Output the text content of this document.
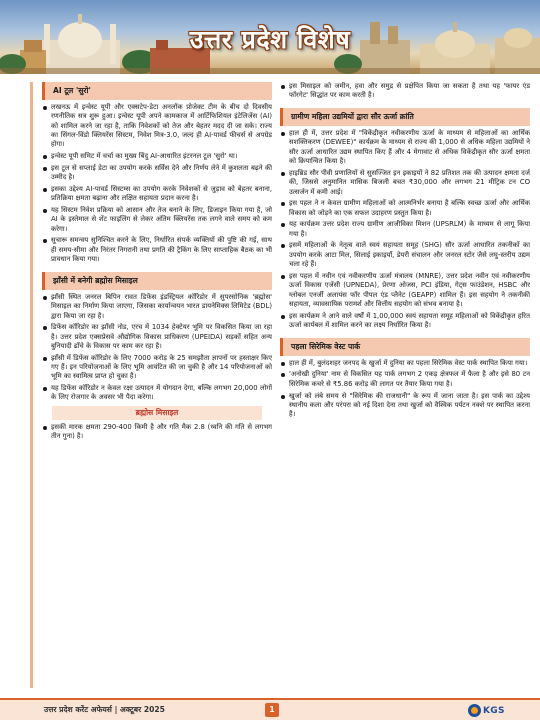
उत्तर प्रदेश विशेष
AI टूल 'सुरो'
लखनऊ में इन्वेस्ट यूपी और एक्सटेप-डेटा अनलॉक प्रोजेक्ट टीम के बीच दो दिवसीय रणनीतिक सत्र शुरू हुआ। इन्वेस्ट यूपी अपने कामकाज में आर्टिफिशियल इंटेलिजेंस (AI) को शामिल करने जा रहा है, ताकि निवेशकों को तेज और बेहतर मदद दी जा सके। राज्य का सिंगल-विंडो क्लियरेंस सिस्टम, निवेश मित्र-3.0, जल्द ही AI-पावर्ड फीचर्स से अपग्रेड होगा।
इन्वेस्ट यूपी समिट में चर्चा का मुख्य बिंदु AI-आधारित इंटरनल टूल 'सुरो' था।
इस टूल से सप्लाई डेटा का उपयोग करके सर्विस देने और निर्णय लेने में कुशलता बढ़ने की उम्मीद है।
इसका उद्देश्य AI-पावर्ड सिस्टम्स का उपयोग करके निवेशकों से जुड़ाव को बेहतर बनाना, प्रतिक्रिया क्षमता बढ़ाना और लक्षित सहायता प्रदान करना है।
यह सिस्टम निवेश प्रक्रिया को आसान और तेज बनाने के लिए, डिजाइन किया गया है, जो AI के इस्तेमाल से शेंट फाइलिंग से लेकर अंतिम क्लियरेंस तक लगने वाले समय को कम करेगा।
सुचारू समन्वय सुनिश्चित करने के लिए, निर्धारित संपर्क व्यक्तियों की पुष्टि की गई, साथ ही समय-सीमा और निरंतर निगरानी तथा प्रगति की ट्रैकिंग के लिए साप्ताहिक बैठक का भी प्रावधान किया गया।
झाँसी में बनेगी ब्रह्मोस मिसाइल
झाँसी स्थित जनरल बिपिन रावत डिफेंस इंडस्ट्रियल कॉरिडोर में सुपरसोनिक 'ब्रह्मोस' मिसाइल का निर्माण किया जाएगा, जिसका कार्यान्वयन भारत डायनेमिक्स लिमिटेड (BDL) द्वारा किया जा रहा है।
डिफेंस कॉरिडोर का झाँसी नोड, एरच में 1034 हेक्टेयर भूमि पर विकसित किया जा रहा है। उत्तर प्रदेश एक्सप्रेसवे औद्योगिक विकास प्राधिकरण (UPEIDA) सड़कों सहित अन्य बुनियादी ढाँचे के विकास पर काम कर रहा है।
झाँसी में डिफेंस कॉरिडोर के लिए 7000 करोड़ के 25 समझौता ज्ञापनों पर हस्ताक्षर किए गए हैं। इन परियोजनाओं के लिए भूमि आवंटित की जा चुकी है और 14 परियोजनाओं को भूमि का स्वामित्व प्राप्त हो चुका है।
यह डिफेंस कॉरिडोर न केवल रक्षा उत्पादन में योगदान देगा, बल्कि लगभग 20,000 लोगों के लिए रोजगार के अवसर भी पैदा करेगा।
ब्रह्मोस मिसाइल
इसकी मारक क्षमता 290-400 किमी है और गति मैक 2.8 (ध्वनि की गति से लगभग तीन गुना) है।
इस मिसाइल को जमीन, हवा और समुद्र से प्रक्षेपित किया जा सकता है तथा यह 'फायर एंड फॉरगेट' सिद्धांत पर काम करती है।
ग्रामीण महिला उद्यमियों द्वारा सौर ऊर्जा क्रांति
हाल ही में, उत्तर प्रदेश में "विकेंद्रीकृत नवीकरणीय ऊर्जा के माध्यम से महिलाओं का आर्थिक सशक्तिकरण (DEWEE)" कार्यक्रम के माध्यम से राज्य की 1,000 से अधिक महिला उद्यमियों ने सौर ऊर्जा आधारित उद्यम स्थापित किए हैं और 4 मेगावाट से अधिक विकेंद्रीकृत सौर ऊर्जा क्षमता को क्रियान्वित किया है।
हाइब्रिड सौर पीवी प्रणालियों से सुसज्जित इन इकाइयों ने 82 प्रतिशत तक की उत्पादन क्षमता दर्ज की, जिससे अनुमानित मासिक बिजली बचत ₹30,000 और लगभग 21 मीट्रिक टन CO उत्सर्जन में कमी आई।
इस पहल ने न केवल ग्रामीण महिलाओं को आत्मनिर्भर बनाया है बल्कि स्वच्छ ऊर्जा और आर्थिक विकास को जोड़ने का एक सफल उदाहरण प्रस्तुत किया है।
यह कार्यक्रम उत्तर प्रदेश राज्य ग्रामीण आजीविका मिशन (UPSRLM) के माध्यम से लागू किया गया है।
इसमें महिलाओं के नेतृत्व वाले स्वयं सहायता समूह (SHG) सौर ऊर्जा आधारित तकनीकों का उपयोग करके आटा मिल, सिलाई इकाइयाँ, डेयरी संचालन और जनरल स्टोर जैसे लघु-स्तरीय उद्यम चला रहे हैं।
इस पहल में नवीन एवं नवीकरणीय ऊर्जा मंत्रालय (MNRE), उत्तर प्रदेश नवीन एवं नवीकरणीय ऊर्जा विकास एजेंसी (UPNEDA), प्रेरणा ओजस, PCI इंडिया, गेट्स फाउंडेशन, HSBC और ग्लोबल एनर्जी अलायंस फॉर पीपल एंड प्लैनेट (GEAPP) शामिल हैं। इस सहयोग ने तकनीकी सहायता, व्यावसायिक परामर्श और वित्तीय सहयोग को संभव बनाया है।
इस कार्यक्रम ने आने वाले वर्षों में 1,00,000 स्वयं सहायता समूह महिलाओं को विकेंद्रीकृत हरित ऊर्जा कार्यबल में शामिल करने का लक्ष्य निर्धारित किया है।
पहला सिरेमिक वेस्ट पार्क
हाल ही में, बुलंदशहर जनपद के खुर्जा में दुनिया का पहला सिरेमिक वेस्ट पार्क स्थापित किया गया।
'अनोखी दुनिया' नाम से विकसित यह पार्क लगभग 2 एकड़ क्षेत्रफल में फैला है और इसे 80 टन सिरेमिक कचरे से ₹5.86 करोड़ की लागत पर तैयार किया गया है।
खुर्जा को लंबे समय से "सिरेमिक की राजधानी" के रूप में जाना जाता है। इस पार्क का उद्देश्य स्थानीय कला और परंपरा को नई दिशा देना तथा खुर्जा को वैश्विक पर्यटन नक्शे पर स्थापित करना है।
उत्तर प्रदेश करेंट अफेयर्स | अक्टूबर 2025	1	KGS
